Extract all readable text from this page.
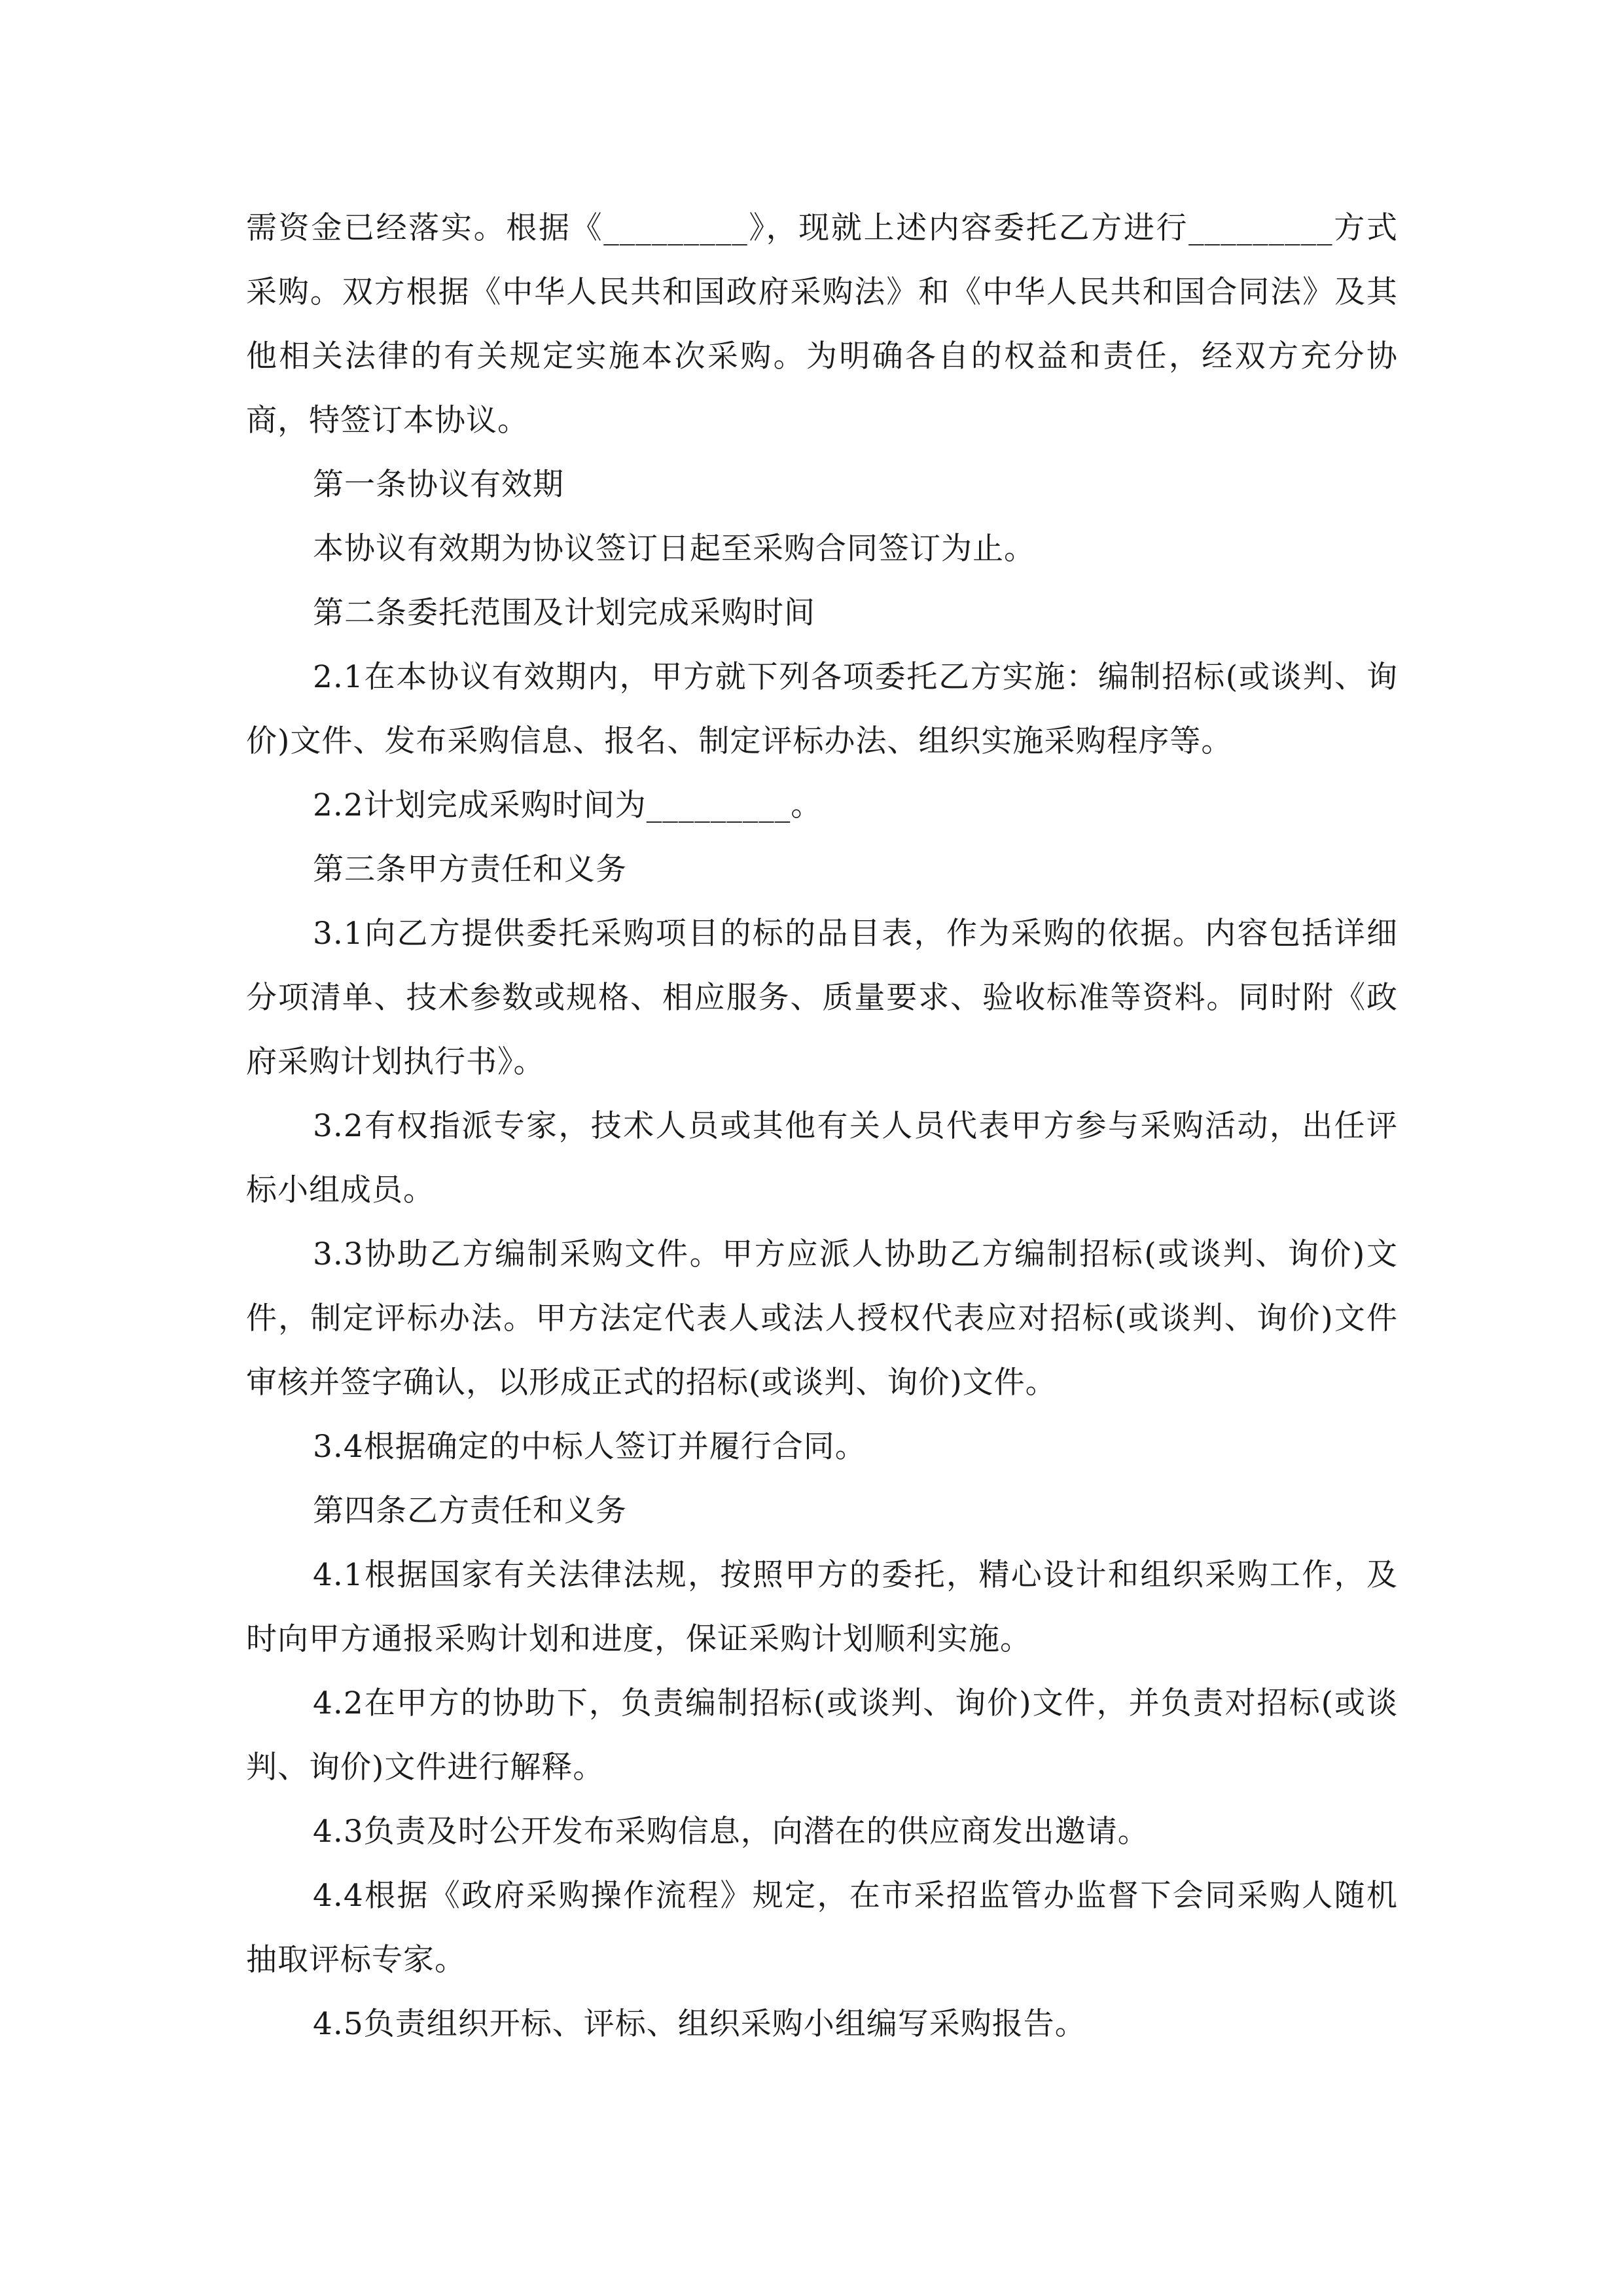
需资金已经落实。根据《_________》，现就上述内容委托乙方进行_________方式采购。双方根据《中华人民共和国政府采购法》和《中华人民共和国合同法》及其他相关法律的有关规定实施本次采购。为明确各自的权益和责任，经双方充分协商，特签订本协议。

第一条协议有效期

本协议有效期为协议签订日起至采购合同签订为止。

第二条委托范围及计划完成采购时间

2.1在本协议有效期内，甲方就下列各项委托乙方实施：编制招标(或谈判、询价)文件、发布采购信息、报名、制定评标办法、组织实施采购程序等。

2.2计划完成采购时间为_________。

第三条甲方责任和义务

3.1向乙方提供委托采购项目的标的品目表，作为采购的依据。内容包括详细分项清单、技术参数或规格、相应服务、质量要求、验收标准等资料。同时附《政府采购计划执行书》。

3.2有权指派专家，技术人员或其他有关人员代表甲方参与采购活动，出任评标小组成员。

3.3协助乙方编制采购文件。甲方应派人协助乙方编制招标(或谈判、询价)文件，制定评标办法。甲方法定代表人或法人授权代表应对招标(或谈判、询价)文件审核并签字确认，以形成正式的招标(或谈判、询价)文件。

3.4根据确定的中标人签订并履行合同。

第四条乙方责任和义务

4.1根据国家有关法律法规，按照甲方的委托，精心设计和组织采购工作，及时向甲方通报采购计划和进度，保证采购计划顺利实施。

4.2在甲方的协助下，负责编制招标(或谈判、询价)文件，并负责对招标(或谈判、询价)文件进行解释。

4.3负责及时公开发布采购信息，向潜在的供应商发出邀请。

4.4根据《政府采购操作流程》规定，在市采招监管办监督下会同采购人随机抽取评标专家。

4.5负责组织开标、评标、组织采购小组编写采购报告。
